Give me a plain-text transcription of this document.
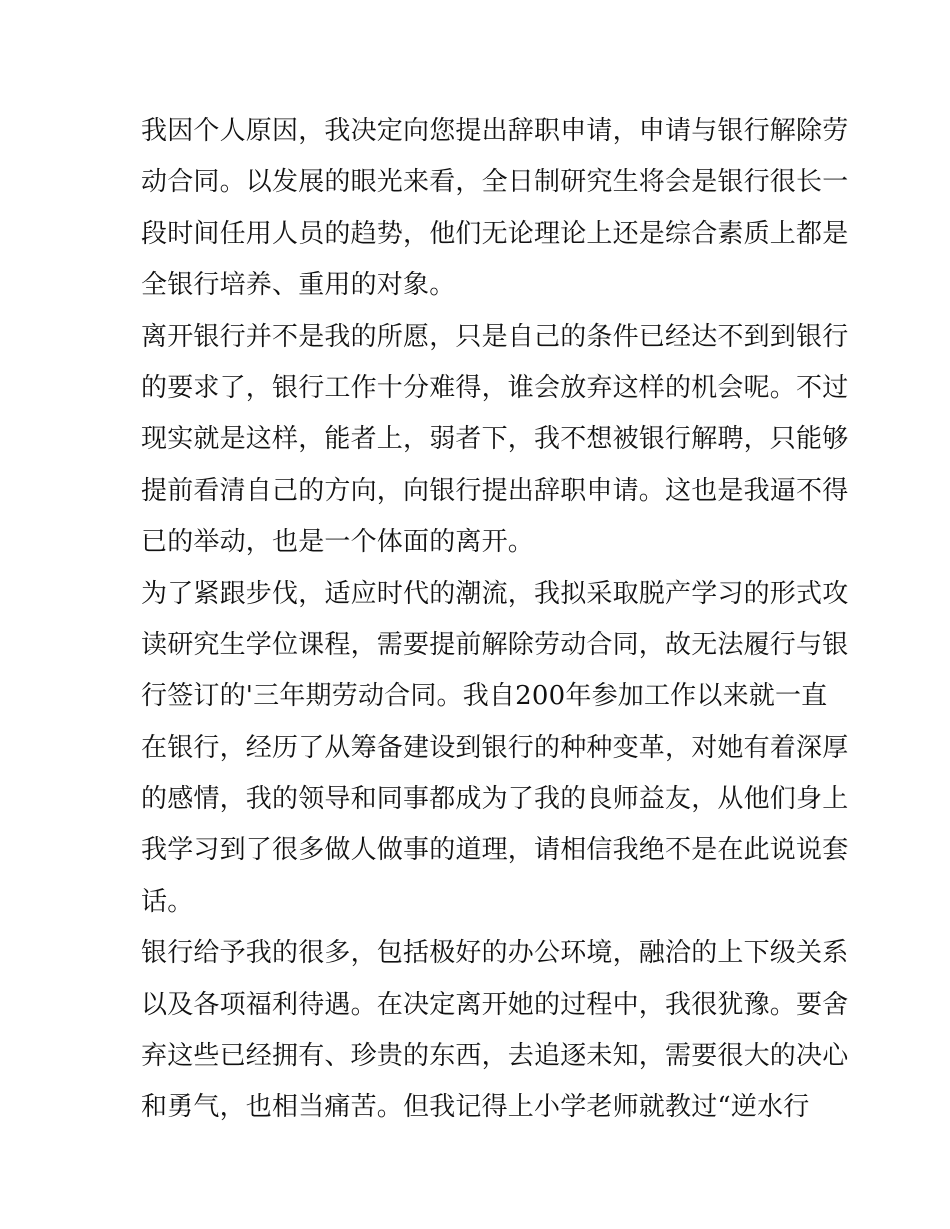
我因个人原因，我决定向您提出辞职申请，申请与银行解除劳
动合同。以发展的眼光来看，全日制研究生将会是银行很长一
段时间任用人员的趋势，他们无论理论上还是综合素质上都是
全银行培养、重用的对象。
离开银行并不是我的所愿，只是自己的条件已经达不到到银行
的要求了，银行工作十分难得，谁会放弃这样的机会呢。不过
现实就是这样，能者上，弱者下，我不想被银行解聘，只能够
提前看清自己的方向，向银行提出辞职申请。这也是我逼不得
已的举动，也是一个体面的离开。
为了紧跟步伐，适应时代的潮流，我拟采取脱产学习的形式攻
读研究生学位课程，需要提前解除劳动合同，故无法履行与银
行签订的'三年期劳动合同。我自200年参加工作以来就一直
在银行，经历了从筹备建设到银行的种种变革，对她有着深厚
的感情，我的领导和同事都成为了我的良师益友，从他们身上
我学习到了很多做人做事的道理，请相信我绝不是在此说说套
话。
银行给予我的很多，包括极好的办公环境，融洽的上下级关系
以及各项福利待遇。在决定离开她的过程中，我很犹豫。要舍
弃这些已经拥有、珍贵的东西，去追逐未知，需要很大的决心
和勇气，也相当痛苦。但我记得上小学老师就教过“逆水行
